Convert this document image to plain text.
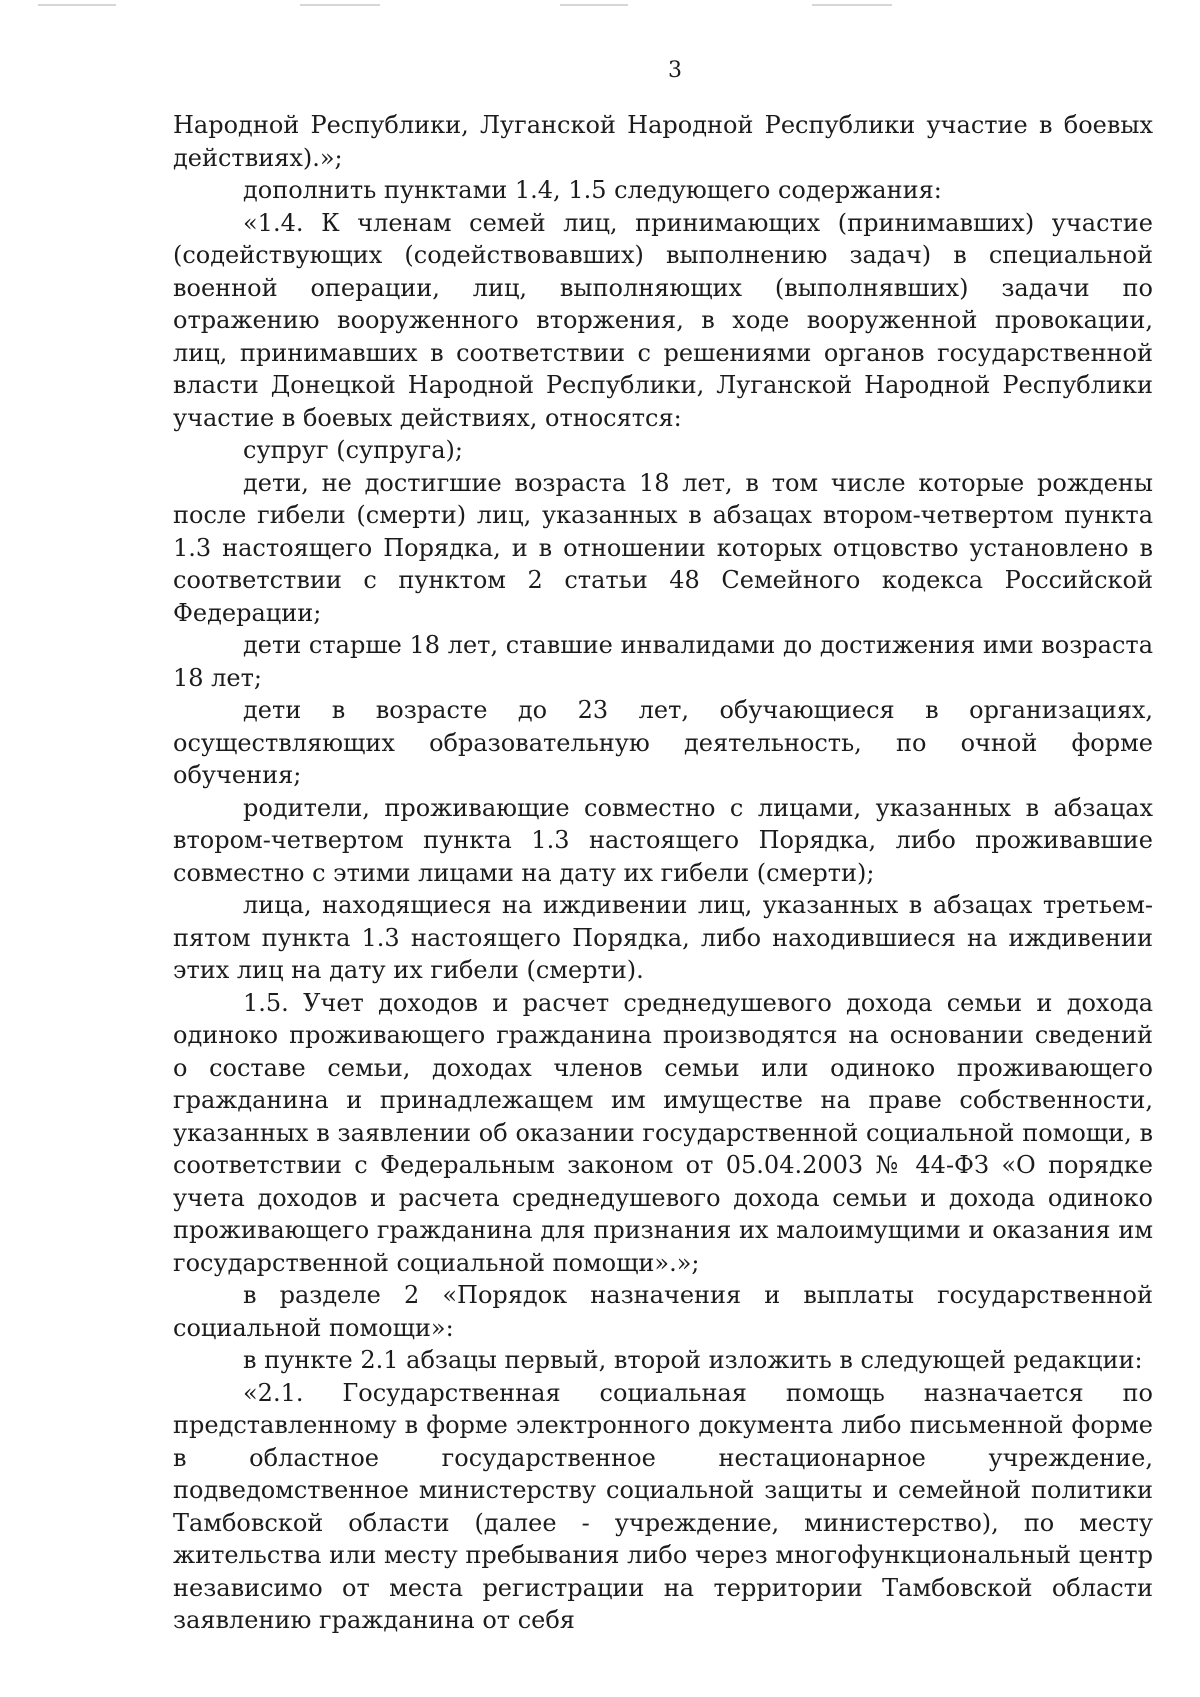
3

Народной Республики, Луганской Народной Республики участие в боевых действиях).»;

дополнить пунктами 1.4, 1.5 следующего содержания:

«1.4. К членам семей лиц, принимающих (принимавших) участие (содействующих (содействовавших) выполнению задач) в специальной военной операции, лиц, выполняющих (выполнявших) задачи по отражению вооруженного вторжения, в ходе вооруженной провокации, лиц, принимавших в соответствии с решениями органов государственной власти Донецкой Народной Республики, Луганской Народной Республики участие в боевых действиях, относятся:

супруг (супруга);

дети, не достигшие возраста 18 лет, в том числе которые рождены после гибели (смерти) лиц, указанных в абзацах втором-четвертом пункта 1.3 настоящего Порядка, и в отношении которых отцовство установлено в соответствии с пунктом 2 статьи 48 Семейного кодекса Российской Федерации;

дети старше 18 лет, ставшие инвалидами до достижения ими возраста 18 лет;

дети в возрасте до 23 лет, обучающиеся в организациях, осуществляющих образовательную деятельность, по очной форме обучения;

родители, проживающие совместно с лицами, указанных в абзацах втором-четвертом пункта 1.3 настоящего Порядка, либо проживавшие совместно с этими лицами на дату их гибели (смерти);

лица, находящиеся на иждивении лиц, указанных в абзацах третьем-пятом пункта 1.3 настоящего Порядка, либо находившиеся на иждивении этих лиц на дату их гибели (смерти).

1.5. Учет доходов и расчет среднедушевого дохода семьи и дохода одиноко проживающего гражданина производятся на основании сведений о составе семьи, доходах членов семьи или одиноко проживающего гражданина и принадлежащем им имуществе на праве собственности, указанных в заявлении об оказании государственной социальной помощи, в соответствии с Федеральным законом от 05.04.2003 № 44-ФЗ «О порядке учета доходов и расчета среднедушевого дохода семьи и дохода одиноко проживающего гражданина для признания их малоимущими и оказания им государственной социальной помощи».»;

в разделе 2 «Порядок назначения и выплаты государственной социальной помощи»:

в пункте 2.1 абзацы первый, второй изложить в следующей редакции:

«2.1. Государственная социальная помощь назначается по представленному в форме электронного документа либо письменной форме в областное государственное нестационарное учреждение, подведомственное министерству социальной защиты и семейной политики Тамбовской области (далее - учреждение, министерство), по месту жительства или месту пребывания либо через многофункциональный центр независимо от места регистрации на территории Тамбовской области заявлению гражданина от себя
